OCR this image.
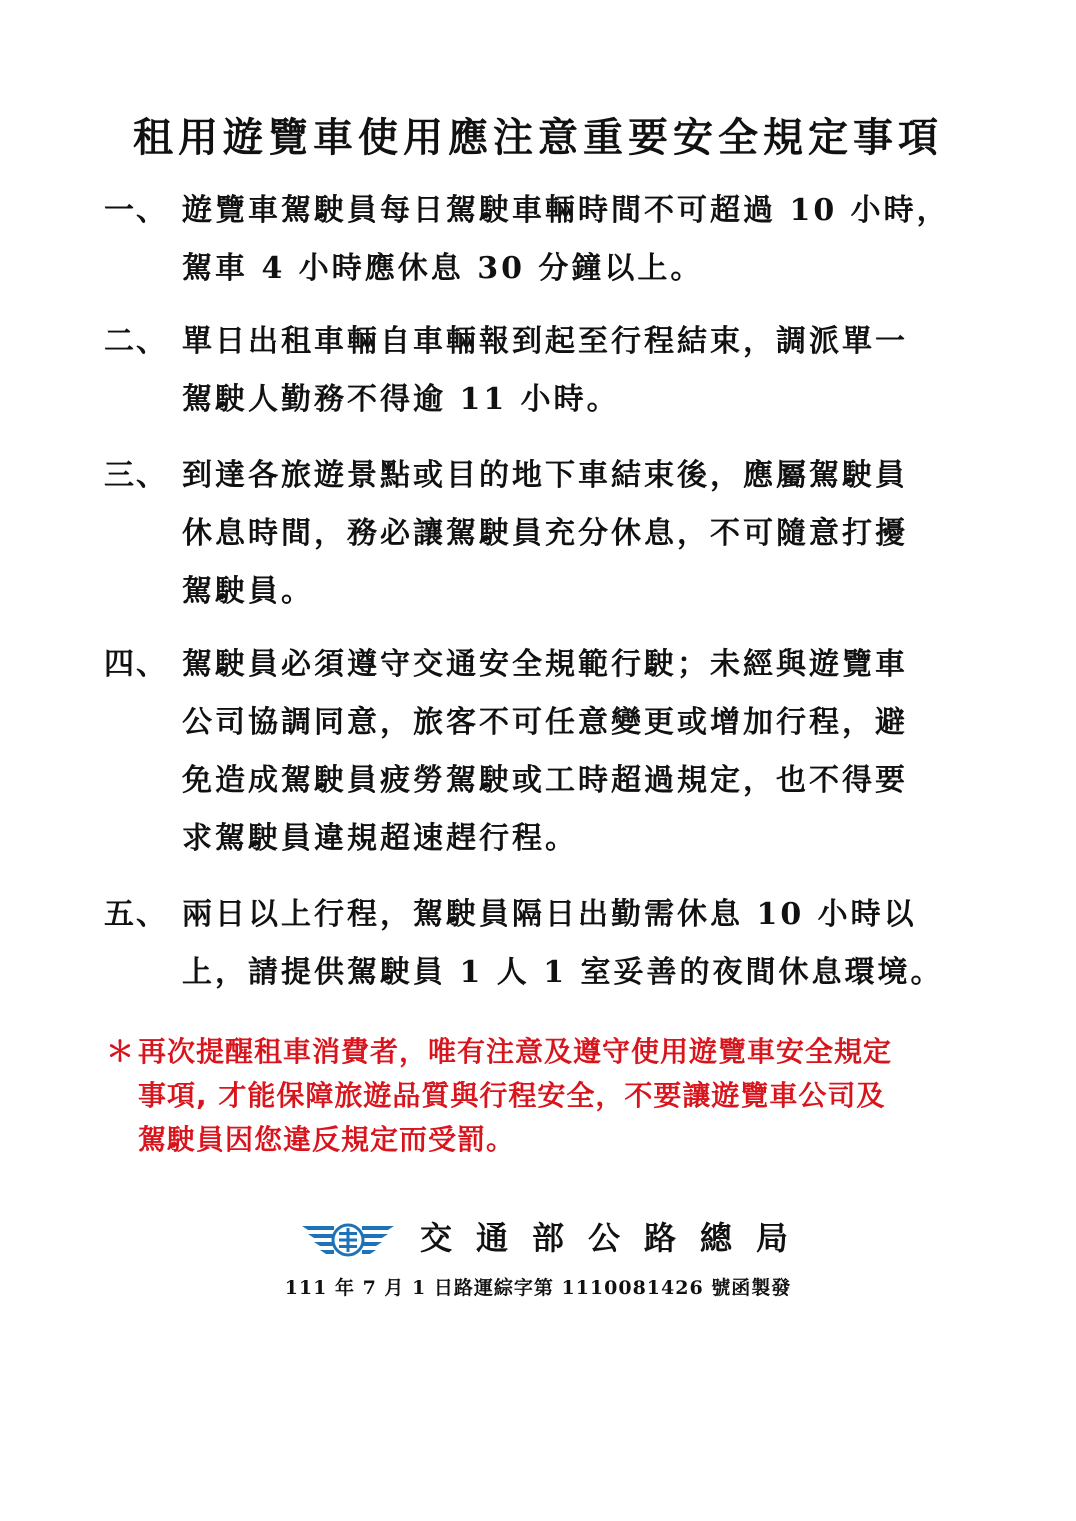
租用遊覽車使用應注意重要安全規定事項
一、 遊覽車駕駛員每日駕駛車輛時間不可超過 10 小時，
駕車 4 小時應休息 30 分鐘以上。
二、 單日出租車輛自車輛報到起至行程結束，調派單一
駕駛人勤務不得逾 11 小時。
三、 到達各旅遊景點或目的地下車結束後，應屬駕駛員
休息時間，務必讓駕駛員充分休息，不可隨意打擾
駕駛員。
四、 駕駛員必須遵守交通安全規範行駛；未經與遊覽車
公司協調同意，旅客不可任意變更或增加行程，避
免造成駕駛員疲勞駕駛或工時超過規定，也不得要
求駕駛員違規超速趕行程。
五、 兩日以上行程，駕駛員隔日出勤需休息 10 小時以
上，請提供駕駛員 1 人 1 室妥善的夜間休息環境。
＊ 再次提醒租車消費者，唯有注意及遵守使用遊覽車安全規定
事項, 才能保障旅遊品質與行程安全，不要讓遊覽車公司及
駕駛員因您違反規定而受罰。
交通部公路總局
111 年 7 月 1 日路運綜字第 1110081426 號函製發
